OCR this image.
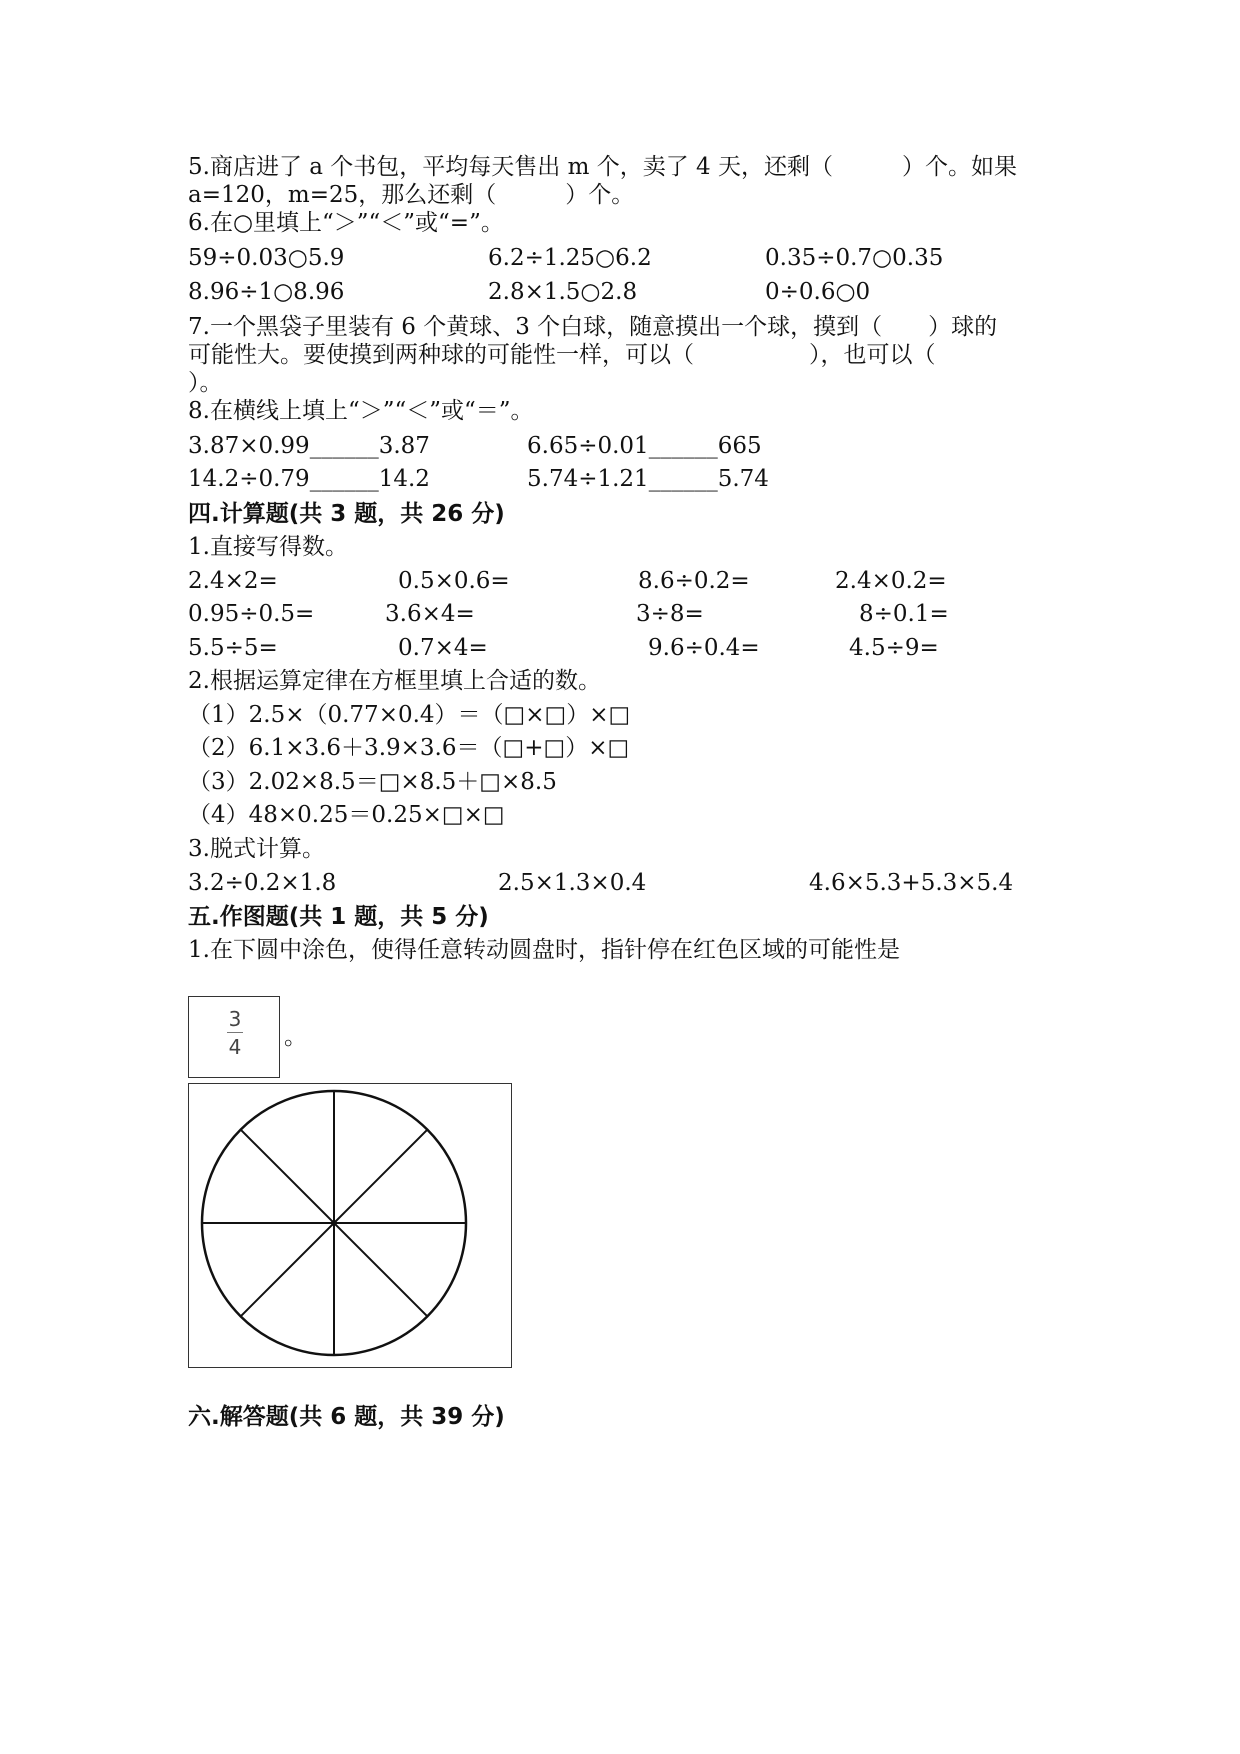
5.商店进了 a 个书包，平均每天售出 m 个，卖了 4 天，还剩（　　　）个。如果
a=120，m=25，那么还剩（　　　）个。
6.在○里填上“＞”“＜”或“=”。
59÷0.03○5.9	6.2÷1.25○6.2	0.35÷0.7○0.35
8.96÷1○8.96	2.8×1.5○2.8	0÷0.6○0
7.一个黑袋子里装有 6 个黄球、3 个白球，随意摸出一个球，摸到（　　）球的
可能性大。要使摸到两种球的可能性一样，可以（　　　　　），也可以（
）。
8.在横线上填上“＞”“＜”或“＝”。
3.87×0.99______3.87	6.65÷0.01______665
14.2÷0.79______14.2	5.74÷1.21______5.74
四.计算题(共 3 题，共 26 分)
1.直接写得数。
2.4×2=	0.5×0.6=	8.6÷0.2=	2.4×0.2=
0.95÷0.5=	3.6×4=	3÷8=	8÷0.1=
5.5÷5=	0.7×4=	9.6÷0.4=	4.5÷9=
2.根据运算定律在方框里填上合适的数。
（1）2.5×（0.77×0.4）＝（□×□）×□
（2）6.1×3.6＋3.9×3.6＝（□+□）×□
（3）2.02×8.5＝□×8.5＋□×8.5
（4）48×0.25＝0.25×□×□
3.脱式计算。
3.2÷0.2×1.8	2.5×1.3×0.4	4.6×5.3+5.3×5.4
五.作图题(共 1 题，共 5 分)
1.在下圆中涂色，使得任意转动圆盘时，指针停在红色区域的可能性是
3
4	。
六.解答题(共 6 题，共 39 分)
